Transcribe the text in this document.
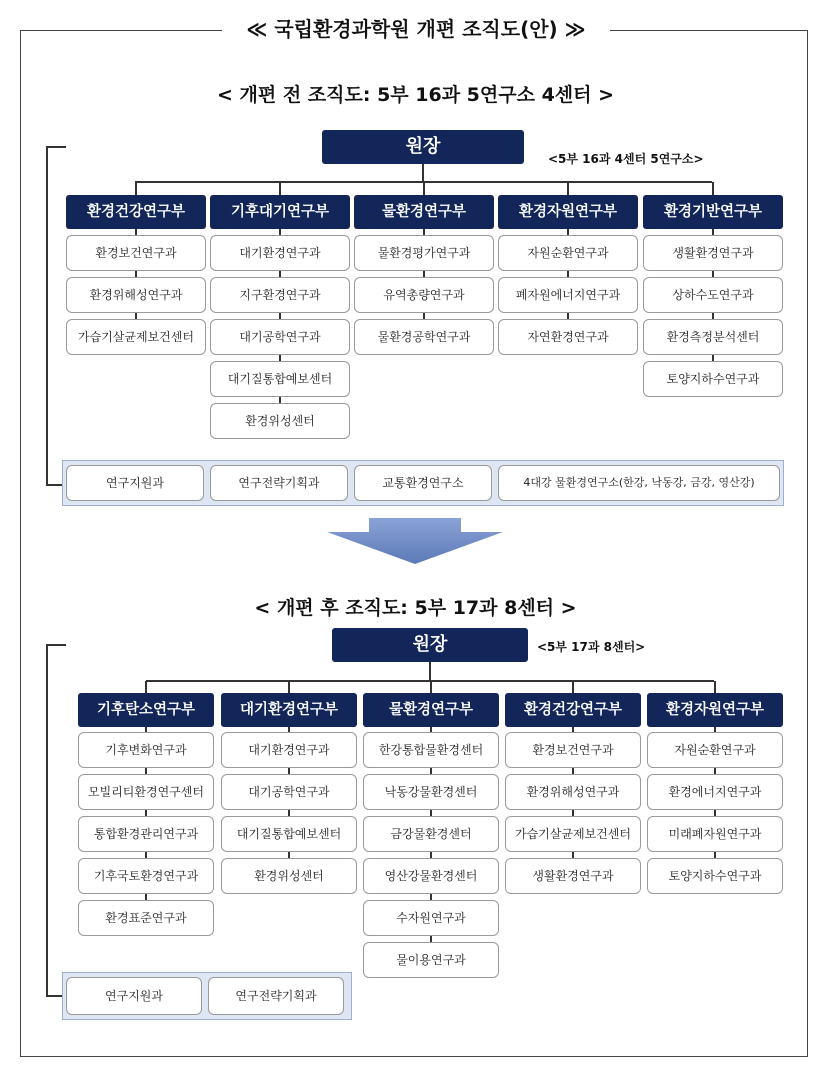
≪ 국립환경과학원 개편 조직도(안) ≫
< 개편 전 조직도: 5부 16과 5연구소 4센터 >
원장
<5부 16과 4센터 5연구소>
환경건강연구부
환경보건연구과
환경위해성연구과
가습기살균제보건센터
기후대기연구부
대기환경연구과
지구환경연구과
대기공학연구과
대기질통합예보센터
환경위성센터
물환경연구부
물환경평가연구과
유역총량연구과
물환경공학연구과
환경자원연구부
자원순환연구과
폐자원에너지연구과
자연환경연구과
환경기반연구부
생활환경연구과
상하수도연구과
환경측정분석센터
토양지하수연구과
연구지원과	연구전략기획과	교통환경연구소	4대강 물환경연구소(한강, 낙동강, 금강, 영산강)
< 개편 후 조직도: 5부 17과 8센터 >
원장	<5부 17과 8센터>
기후탄소연구부
기후변화연구과
모빌리티환경연구센터
통합환경관리연구과
기후국토환경연구과
환경표준연구과
대기환경연구부
대기환경연구과
대기공학연구과
대기질통합예보센터
환경위성센터
물환경연구부
한강통합물환경센터
낙동강물환경센터
금강물환경센터
영산강물환경센터
수자원연구과
물이용연구과
환경건강연구부
환경보건연구과
환경위해성연구과
가습기살균제보건센터
생활환경연구과
환경자원연구부
자원순환연구과
환경에너지연구과
미래폐자원연구과
토양지하수연구과
연구지원과	연구전략기획과
